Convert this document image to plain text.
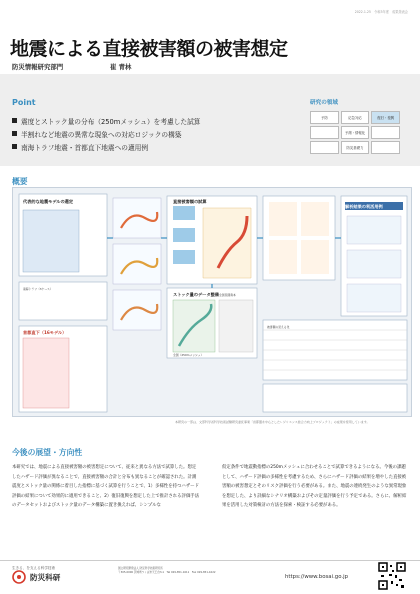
2022.1.25　令和3年度　成果発表会
地震による直接被害額の被害想定
防災情報研究部門	崔 青林
Point
震度とストック量の分布（250mメッシュ）を考慮した試算
半割れなど地震の異常な現象への対応ロジックの構築
南海トラフ地震・首都直下地震への適用例
研究の領域
予防	応急対応	復旧・復興
予測・情報化
防災基礎力
概要
代表的な地震モデルの選定	直接被害額の試算
解析結果の利活用例
ストック量のデータ整備
全国（250mメッシュ）
被害額の見える化
南海トラフ（3ケース）
首都直下（16モデル）
全国民間資本
本研究の一部は、文部科学省科学技術試験研究委託事業「首都圏を中心としたレジリエンス総合力向上プロジェクト」の成果を使用しています。
今後の展望・方向性

本研究では、地震による直接被害額の被害想定について、従来と異なる方法で試算した。想定したハザード評価が異なることで、直接被害額の合計と分布も異なることが確認された。計測震度とストック量の関係に着目した指標に基づく試算を行うことで、1）多様性を持つハザード評価の結果について効果的に適用できること、2）復旧復興を想定した上で推計される評価手法のデータセットおよびストック量のデータ構築に置き換えれば、シンプルな

仮定条件で地震動指標の250mメッシュに合わせることで試算できるようになる。今後の課題として、ハザード評価の多様性を考慮するため、さらにハザード評価の結果を増やした直接被害額の被害想定とそのリスク評価を行う必要がある。また、地震の連続発生のような異常現象を想定した、より詳細なシナリオ構築およびその定量評価を行う予定である。さらに、解析結果を活用した対策検討の方法を探索・検証する必要がある。

生きる、を支える科学技術
防災科研
国立研究開発法人 防災科学技術研究所
〒305-0006 茨城県つくば市天王台3-1　Tel 029-851-1611　Fax 029-851-1622
https://www.bosai.go.jp
